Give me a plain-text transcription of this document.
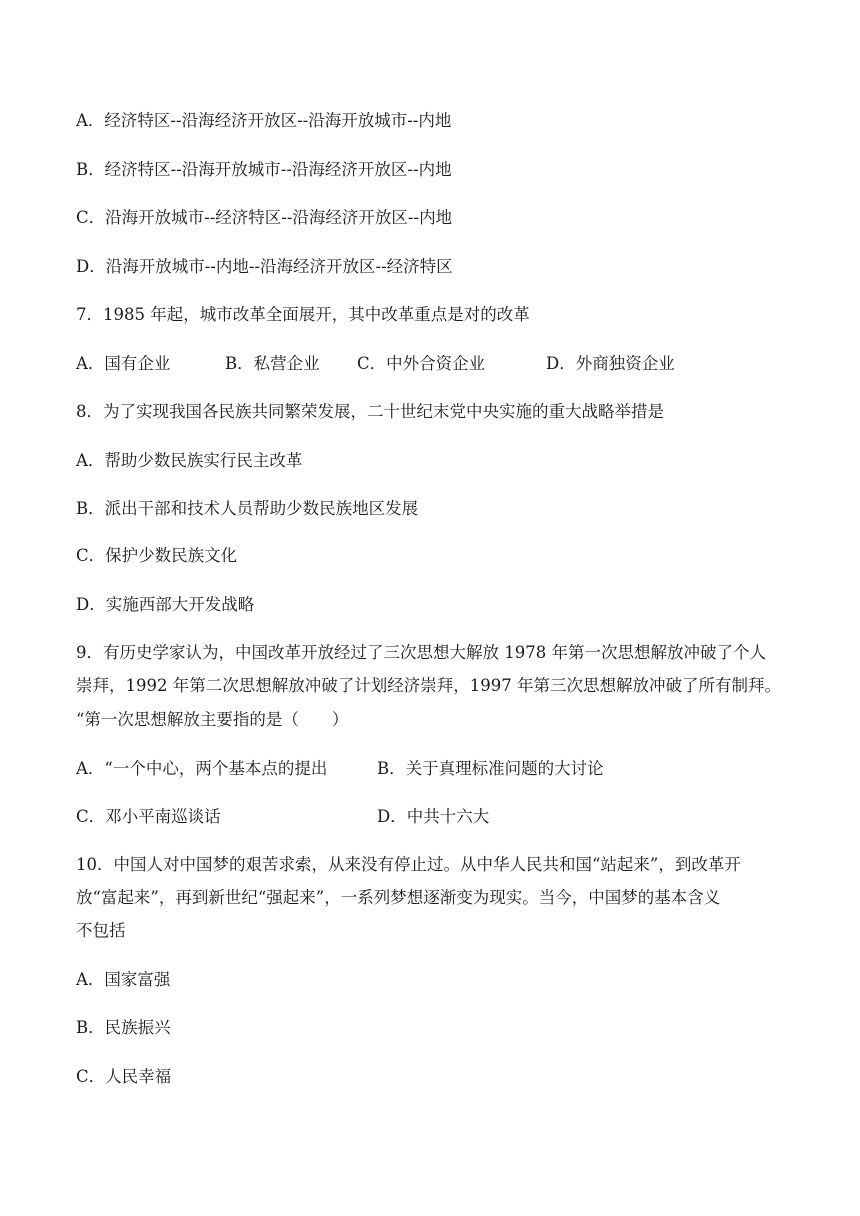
A．经济特区--沿海经济开放区--沿海开放城市--内地
B．经济特区--沿海开放城市--沿海经济开放区--内地
C．沿海开放城市--经济特区--沿海经济开放区--内地
D．沿海开放城市--内地--沿海经济开放区--经济特区
7．1985 年起，城市改革全面展开，其中改革重点是对的改革
A．国有企业	B．私营企业 C．中外合资企业	D．外商独资企业
8．为了实现我国各民族共同繁荣发展，二十世纪末党中央实施的重大战略举措是
A．帮助少数民族实行民主改革
B．派出干部和技术人员帮助少数民族地区发展
C．保护少数民族文化
D．实施西部大开发战略
9．有历史学家认为，中国改革开放经过了三次思想大解放 1978 年第一次思想解放冲破了个人
崇拜，1992 年第二次思想解放冲破了计划经济崇拜，1997 年第三次思想解放冲破了所有制拜。
“第一次思想解放主要指的是（　　）
A．“一个中心，两个基本点的提出	B．关于真理标准问题的大讨论
C．邓小平南巡谈话	D．中共十六大
10．中国人对中国梦的艰苦求索，从来没有停止过。从中华人民共和国“站起来”，到改革开
放“富起来”，再到新世纪“强起来”，一系列梦想逐渐变为现实。当今，中国梦的基本含义
不包括
A．国家富强
B．民族振兴
C．人民幸福
